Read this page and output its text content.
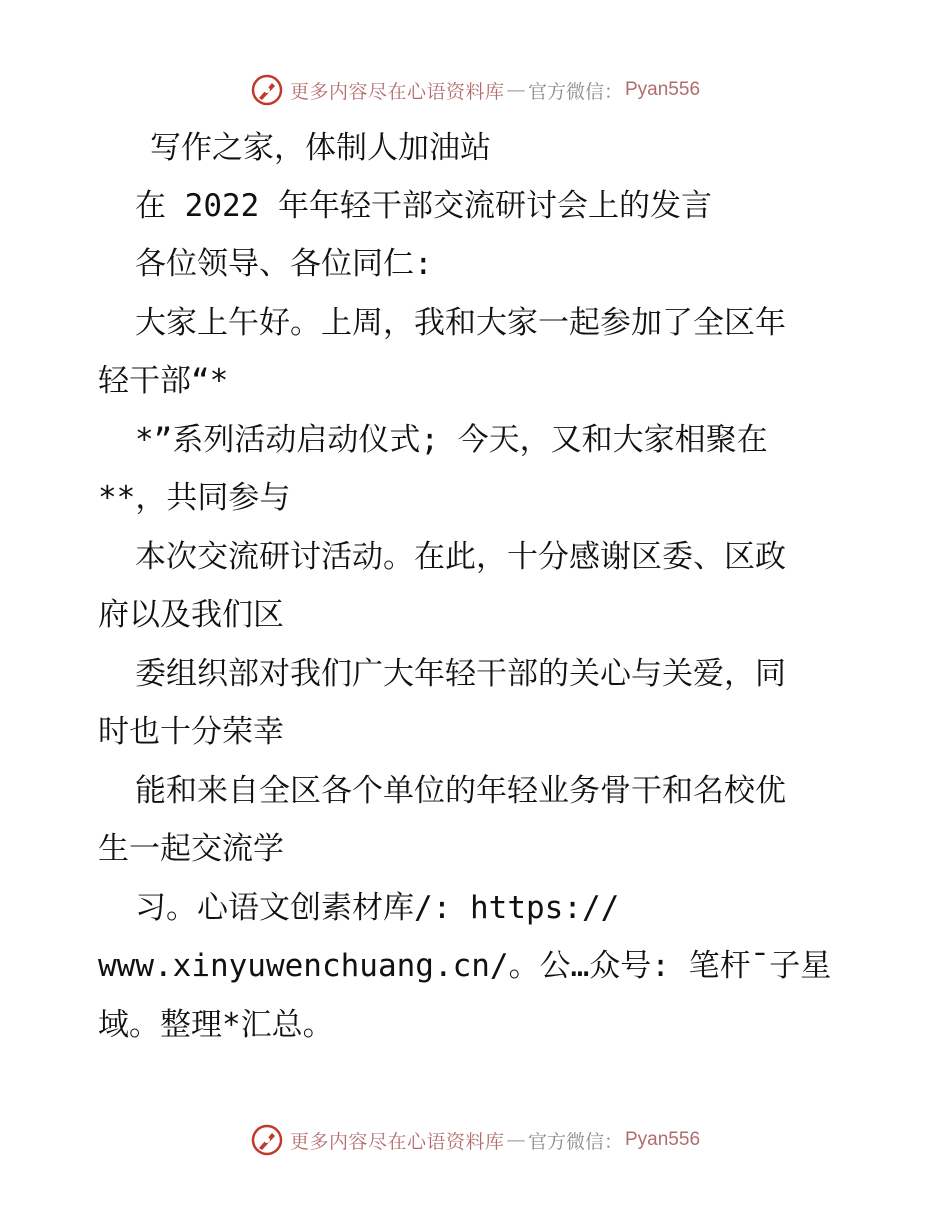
更多内容尽在心语资料库 — 官方微信： Pyan556

写作之家，体制人加油站

在 2022 年年轻干部交流研讨会上的发言

各位领导、各位同仁:

大家上午好。上周，我和大家一起参加了全区年

轻干部“*

*”系列活动启动仪式; 今天，又和大家相聚在

**，共同参与

本次交流研讨活动。在此，十分感谢区委、区政

府以及我们区

委组织部对我们广大年轻干部的关心与关爱，同

时也十分荣幸

能和来自全区各个单位的年轻业务骨干和名校优

生一起交流学

习。心语文创素材库/: https://

www.xinyuwenchuang.cn/。公…众号: 笔杆¯子星

域。整理*汇总。

更多内容尽在心语资料库 — 官方微信： Pyan556
